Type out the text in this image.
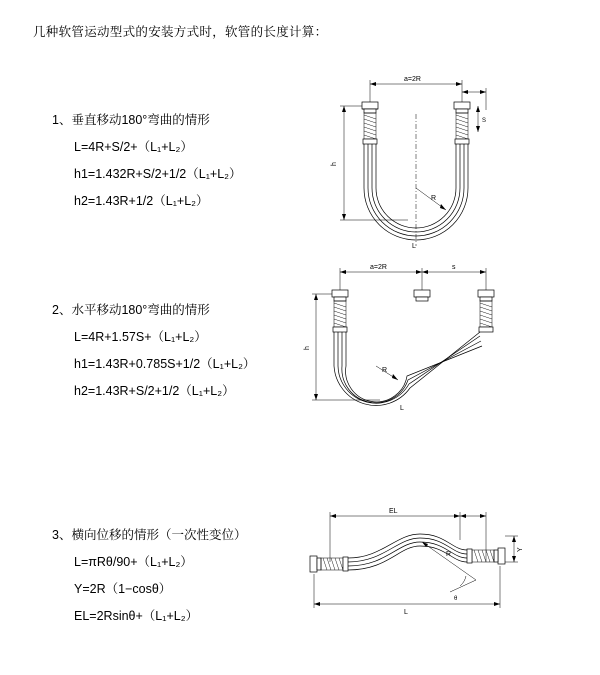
几种软管运动型式的安装方式时，软管的长度计算：
1、垂直移动180°弯曲的情形
L=4R+S/2+（L₁+L₂）
h1=1.432R+S/2+1/2（L₁+L₂）
h2=1.43R+1/2（L₁+L₂）
a=2R
R
h
S
L
2、水平移动180°弯曲的情形
L=4R+1.57S+（L₁+L₂）
h1=1.43R+0.785S+1/2（L₁+L₂）
h2=1.43R+S/2+1/2（L₁+L₂）
a=2R	s
R
h
L
3、横向位移的情形（一次性变位）
L=πRθ/90+（L₁+L₂）
Y=2R（1−cosθ）
EL=2Rsinθ+（L₁+L₂）
EL
R
θ
Y
L
